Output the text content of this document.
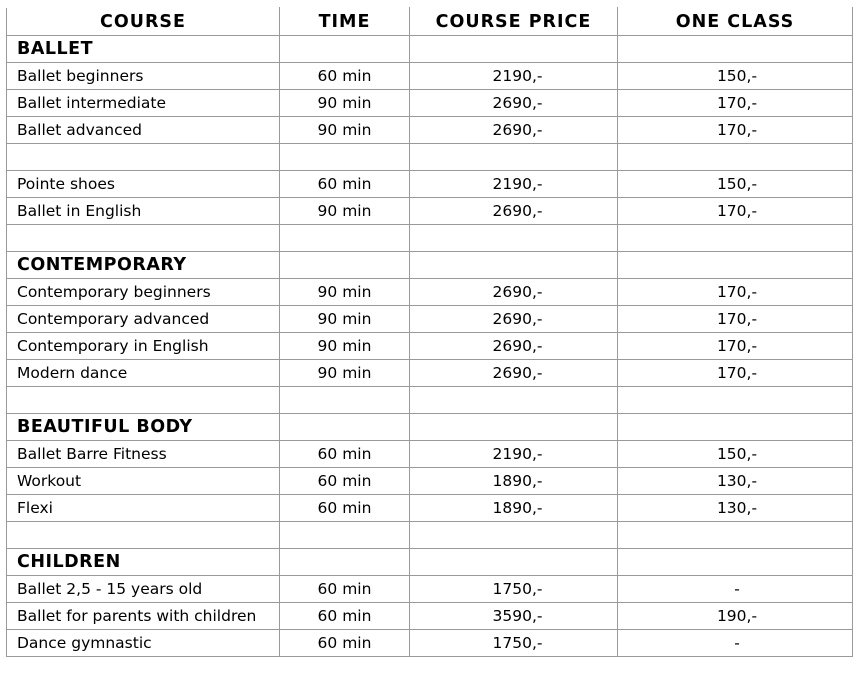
COURSE	TIME	COURSE PRICE	ONE CLASS
BALLET			
Ballet beginners	60 min	2190,-	150,-
Ballet intermediate	90 min	2690,-	170,-
Ballet advanced	90 min	2690,-	170,-

Pointe shoes	60 min	2190,-	150,-
Ballet in English	90 min	2690,-	170,-

CONTEMPORARY			
Contemporary beginners	90 min	2690,-	170,-
Contemporary advanced	90 min	2690,-	170,-
Contemporary in English	90 min	2690,-	170,-
Modern dance	90 min	2690,-	170,-

BEAUTIFUL BODY			
Ballet Barre Fitness	60 min	2190,-	150,-
Workout	60 min	1890,-	130,-
Flexi	60 min	1890,-	130,-

CHILDREN			
Ballet 2,5 - 15 years old	60 min	1750,-	-
Ballet for parents with children	60 min	3590,-	190,-
Dance gymnastic	60 min	1750,-	-
